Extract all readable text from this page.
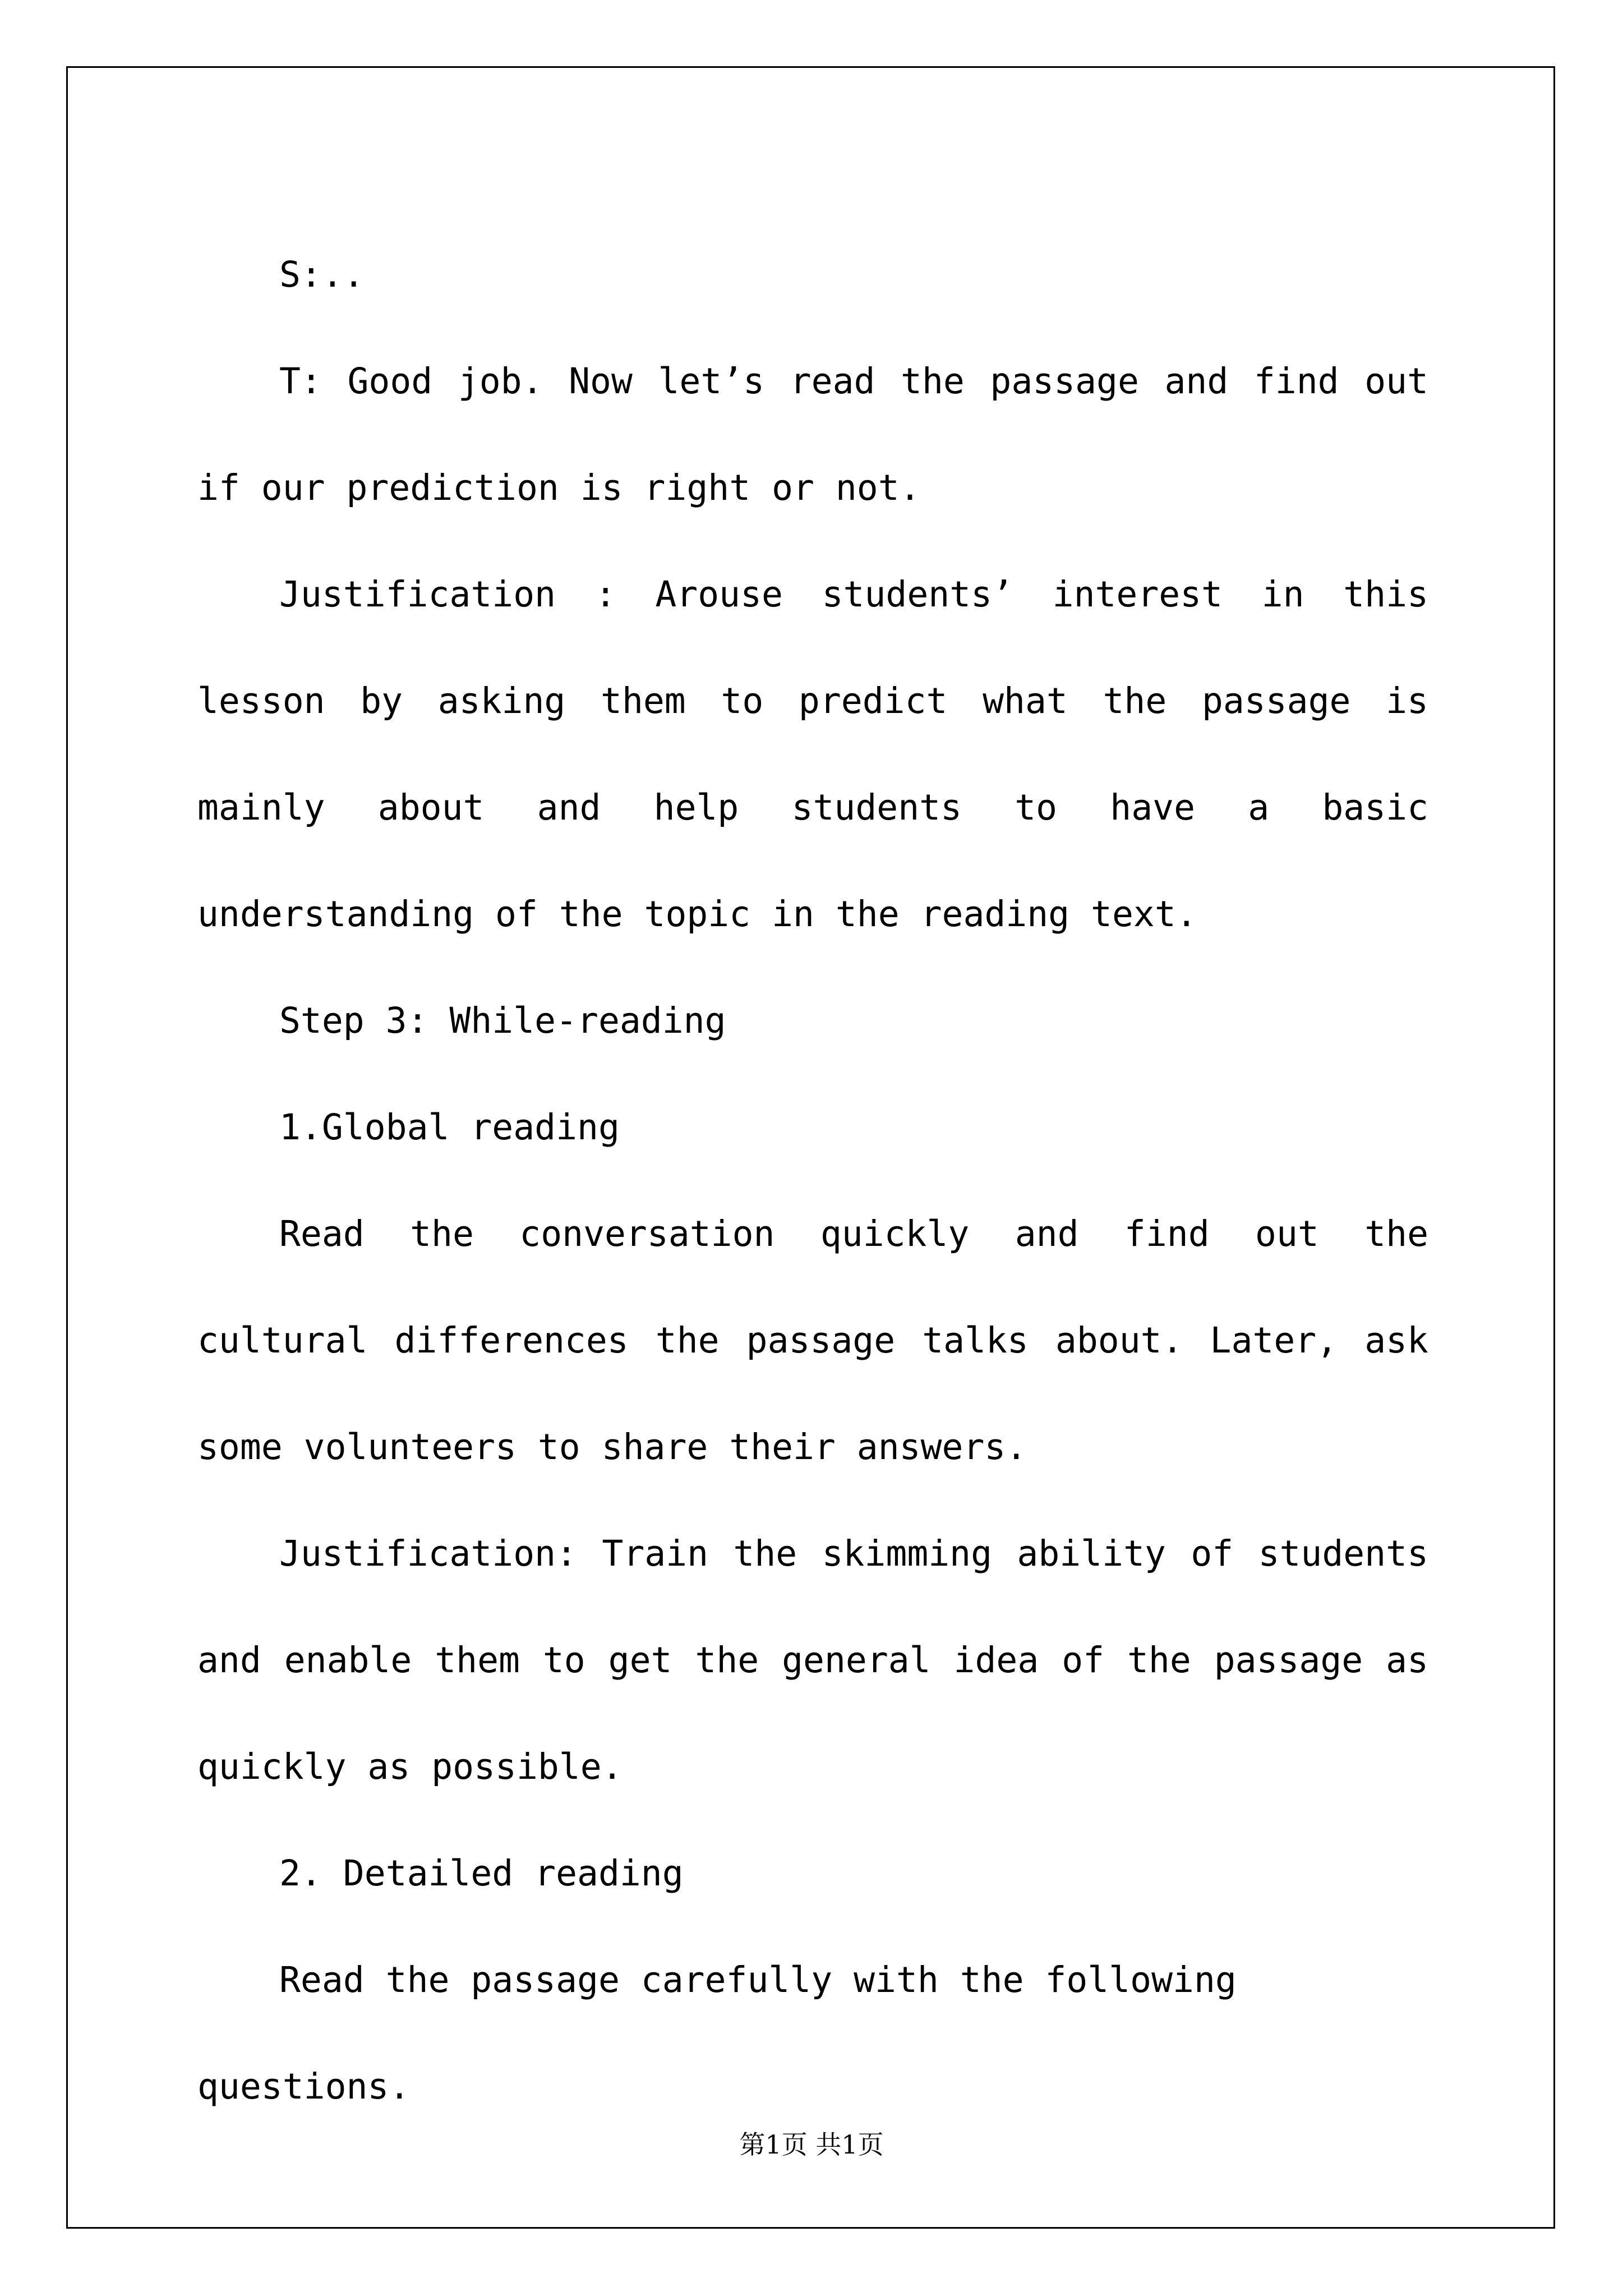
S:..

T: Good job. Now let’s read the passage and find out if our prediction is right or not.

Justification : Arouse students’ interest in this lesson by asking them to predict what the passage is mainly about and help students to have a basic understanding of the topic in the reading text.

Step 3: While-reading

1.Global reading

Read the conversation quickly and find out the cultural differences the passage talks about. Later, ask some volunteers to share their answers.

Justification: Train the skimming ability of students and enable them to get the general idea of the passage as quickly as possible.

2. Detailed reading

Read the passage carefully with the following questions.

第1页 共1页
